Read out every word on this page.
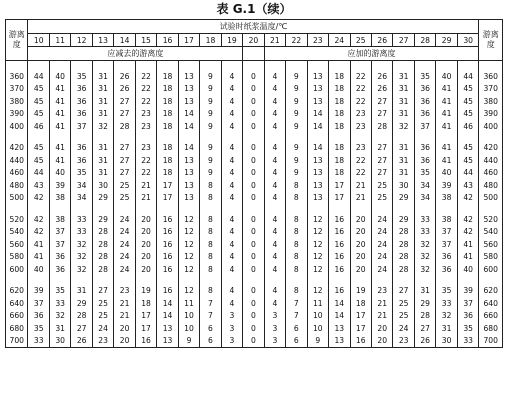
表 G.1（续）
游离度	试验时纸浆温度/℃																					游离度
	10	11	12	13	14	15	16	17	18	19	20	21	22	23	24	25	26	27	28	29	30	
	应减去的游离度											应加的游离度										

360	44	40	35	31	26	22	18	13	9	4	0	4	9	13	18	22	26	31	35	40	44	360
370	45	41	36	31	26	22	18	13	9	4	0	4	9	13	18	22	26	31	36	41	45	370
380	45	41	36	31	27	22	18	13	9	4	0	4	9	13	18	22	27	31	36	41	45	380
390	45	41	36	31	27	23	18	14	9	4	0	4	9	14	18	23	27	31	36	41	45	390
400	46	41	37	32	28	23	18	14	9	4	0	4	9	14	18	23	28	32	37	41	46	400

420	45	41	36	31	27	23	18	14	9	4	0	4	9	14	18	23	27	31	36	41	45	420
440	45	41	36	31	27	22	18	13	9	4	0	4	9	13	18	22	27	31	36	41	45	440
460	44	40	35	31	27	22	18	13	9	4	0	4	9	13	18	22	27	31	35	40	44	460
480	43	39	34	30	25	21	17	13	8	4	0	4	8	13	17	21	25	30	34	39	43	480
500	42	38	34	29	25	21	17	13	8	4	0	4	8	13	17	21	25	29	34	38	42	500

520	42	38	33	29	24	20	16	12	8	4	0	4	8	12	16	20	24	29	33	38	42	520
540	42	37	33	28	24	20	16	12	8	4	0	4	8	12	16	20	24	28	33	37	42	540
560	41	37	32	28	24	20	16	12	8	4	0	4	8	12	16	20	24	28	32	37	41	560
580	41	36	32	28	24	20	16	12	8	4	0	4	8	12	16	20	24	28	32	36	41	580
600	40	36	32	28	24	20	16	12	8	4	0	4	8	12	16	20	24	28	32	36	40	600

620	39	35	31	27	23	19	16	12	8	4	0	4	8	12	16	19	23	27	31	35	39	620
640	37	33	29	25	21	18	14	11	7	4	0	4	7	11	14	18	21	25	29	33	37	640
660	36	32	28	25	21	17	14	10	7	3	0	3	7	10	14	17	21	25	28	32	36	660
680	35	31	27	24	20	17	13	10	6	3	0	3	6	10	13	17	20	24	27	31	35	680
700	33	30	26	23	20	16	13	9	6	3	0	3	6	9	13	16	20	23	26	30	33	700
